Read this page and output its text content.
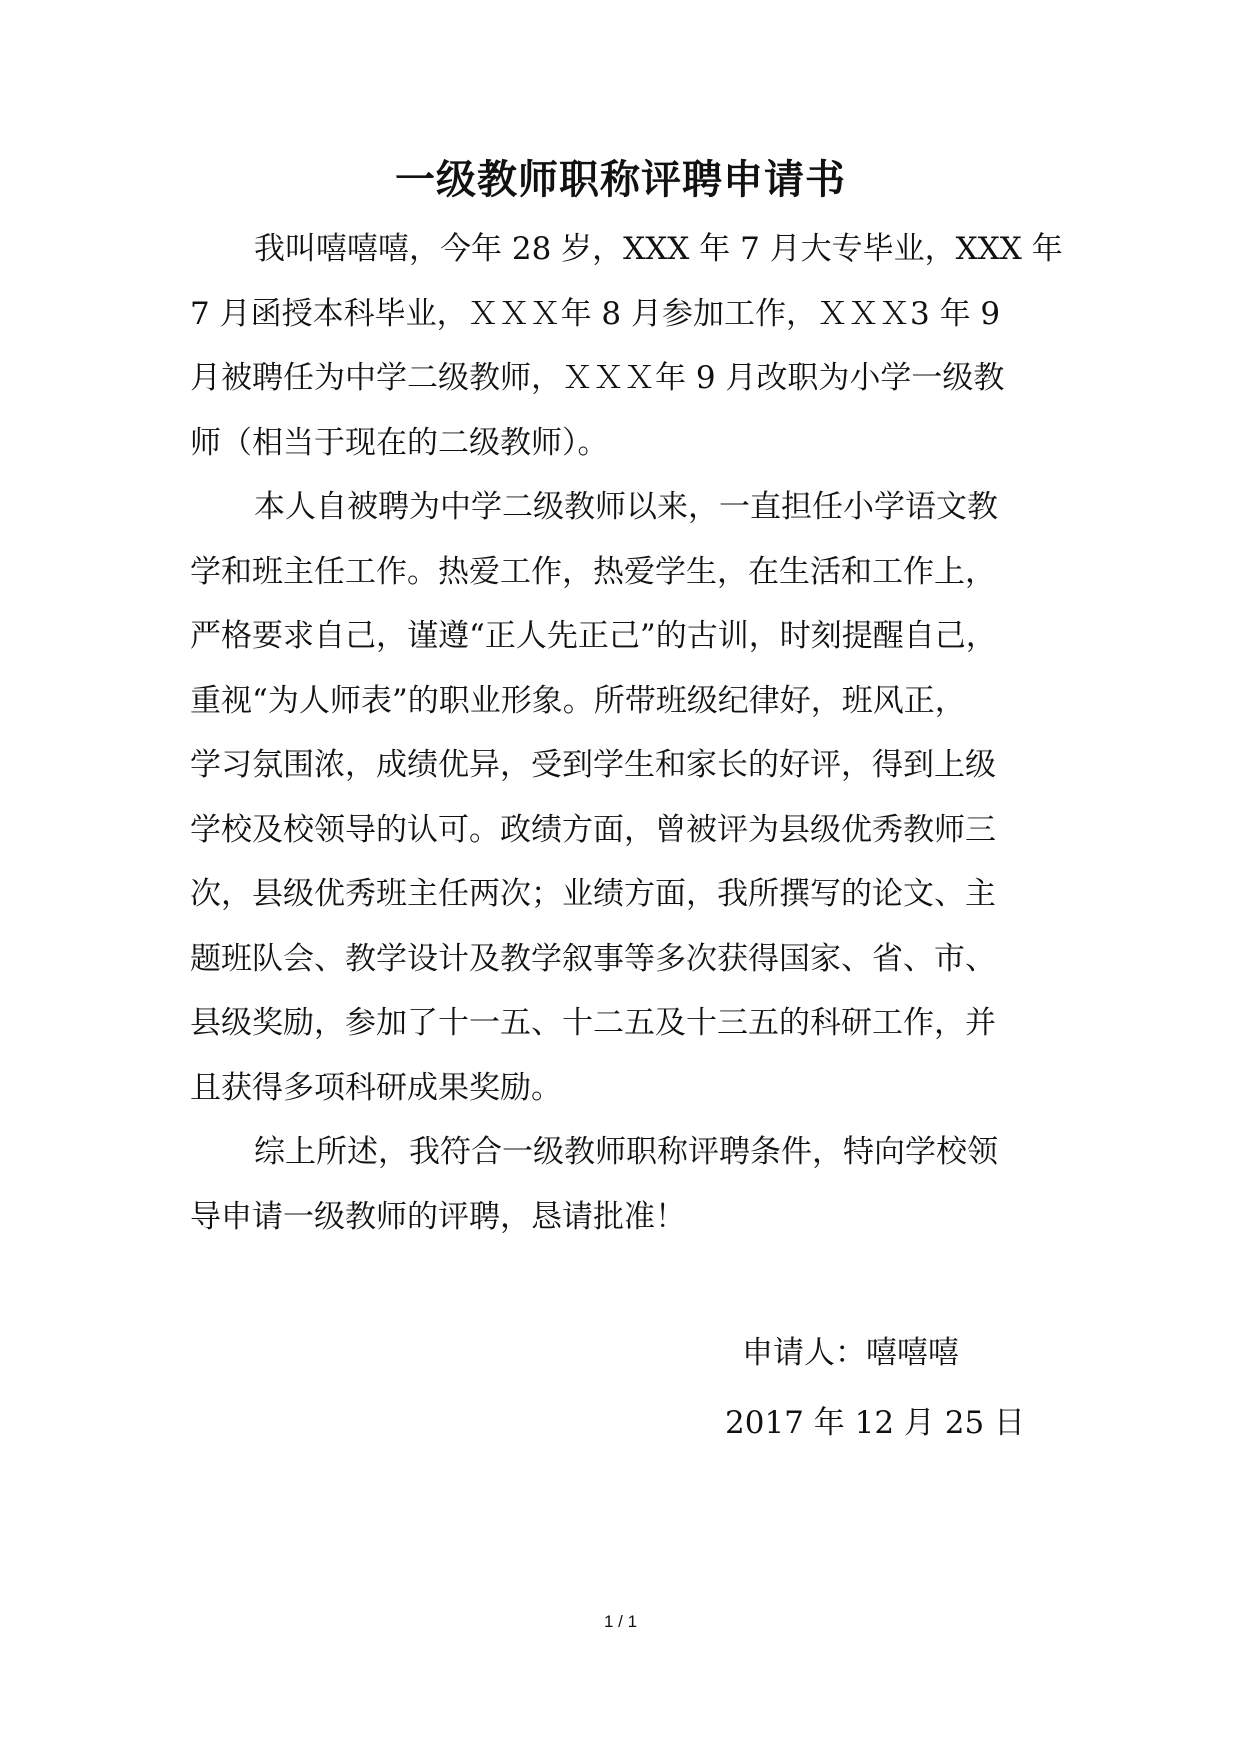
一级教师职称评聘申请书
我叫嘻嘻嘻，今年 28 岁，XXX 年 7 月大专毕业，XXX 年
7 月函授本科毕业，ＸＸＸ年 8 月参加工作，ＸＸＸ3 年 9
月被聘任为中学二级教师，ＸＸＸ年 9 月改职为小学一级教
师（相当于现在的二级教师）。
本人自被聘为中学二级教师以来，一直担任小学语文教
学和班主任工作。热爱工作，热爱学生，在生活和工作上，
严格要求自己，谨遵“正人先正己”的古训，时刻提醒自己，
重视“为人师表”的职业形象。所带班级纪律好，班风正，
学习氛围浓，成绩优异，受到学生和家长的好评，得到上级
学校及校领导的认可。政绩方面，曾被评为县级优秀教师三
次，县级优秀班主任两次；业绩方面，我所撰写的论文、主
题班队会、教学设计及教学叙事等多次获得国家、省、市、
县级奖励，参加了十一五、十二五及十三五的科研工作，并
且获得多项科研成果奖励。
综上所述，我符合一级教师职称评聘条件，特向学校领
导申请一级教师的评聘，恳请批准！
申请人：嘻嘻嘻
2017 年 12 月 25 日
1 / 1
